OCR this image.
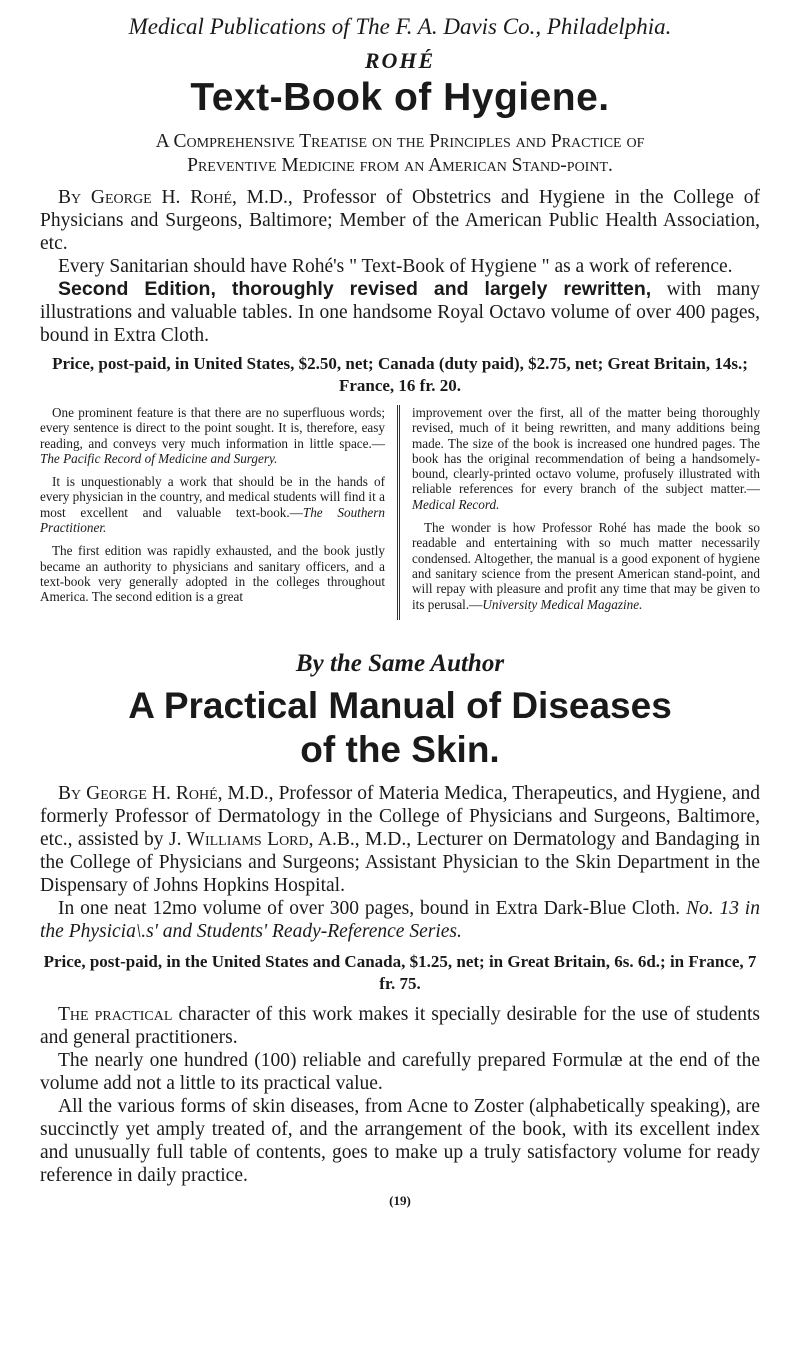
Medical Publications of The F. A. Davis Co., Philadelphia.
ROHÉ
Text-Book of Hygiene.
A Comprehensive Treatise on the Principles and Practice of
Preventive Medicine from an American Stand-point.

By George H. Rohé, M.D., Professor of Obstetrics and Hygiene in the College of Physicians and Surgeons, Baltimore; Member of the American Public Health Association, etc.

Every Sanitarian should have Rohé's " Text-Book of Hygiene " as a work of reference.

Second Edition, thoroughly revised and largely rewritten, with many illustrations and valuable tables. In one handsome Royal Octavo volume of over 400 pages, bound in Extra Cloth.

Price, post-paid, in United States, $2.50, net; Canada (duty paid), $2.75, net; Great Britain, 14s.; France, 16 fr. 20.

One prominent feature is that there are no superfluous words; every sentence is direct to the point sought. It is, therefore, easy reading, and conveys very much information in little space.—The Pacific Record of Medicine and Surgery.

It is unquestionably a work that should be in the hands of every physician in the country, and medical students will find it a most excellent and valuable text-book.—The Southern Practitioner.

The first edition was rapidly exhausted, and the book justly became an authority to physicians and sanitary officers, and a text-book very generally adopted in the colleges throughout America. The second edition is a great

improvement over the first, all of the matter being thoroughly revised, much of it being rewritten, and many additions being made. The size of the book is increased one hundred pages. The book has the original recommendation of being a handsomely-bound, clearly-printed octavo volume, profusely illustrated with reliable references for every branch of the subject matter.—Medical Record.

The wonder is how Professor Rohé has made the book so readable and entertaining with so much matter necessarily condensed. Altogether, the manual is a good exponent of hygiene and sanitary science from the present American stand-point, and will repay with pleasure and profit any time that may be given to its perusal.—University Medical Magazine.

By the Same Author
A Practical Manual of Diseases
of the Skin.

By George H. Rohé, M.D., Professor of Materia Medica, Therapeutics, and Hygiene, and formerly Professor of Dermatology in the College of Physicians and Surgeons, Baltimore, etc., assisted by J. Williams Lord, A.B., M.D., Lecturer on Dermatology and Bandaging in the College of Physicians and Surgeons; Assistant Physician to the Skin Department in the Dispensary of Johns Hopkins Hospital.

In one neat 12mo volume of over 300 pages, bound in Extra Dark-Blue Cloth. No. 13 in the Physicia\.s' and Students' Ready-Reference Series.

Price, post-paid, in the United States and Canada, $1.25, net; in Great Britain, 6s. 6d.; in France, 7 fr. 75.

The practical character of this work makes it specially desirable for the use of students and general practitioners.

The nearly one hundred (100) reliable and carefully prepared Formulæ at the end of the volume add not a little to its practical value.

All the various forms of skin diseases, from Acne to Zoster (alphabetically speaking), are succinctly yet amply treated of, and the arrangement of the book, with its excellent index and unusually full table of contents, goes to make up a truly satisfactory volume for ready reference in daily practice.

(19)
